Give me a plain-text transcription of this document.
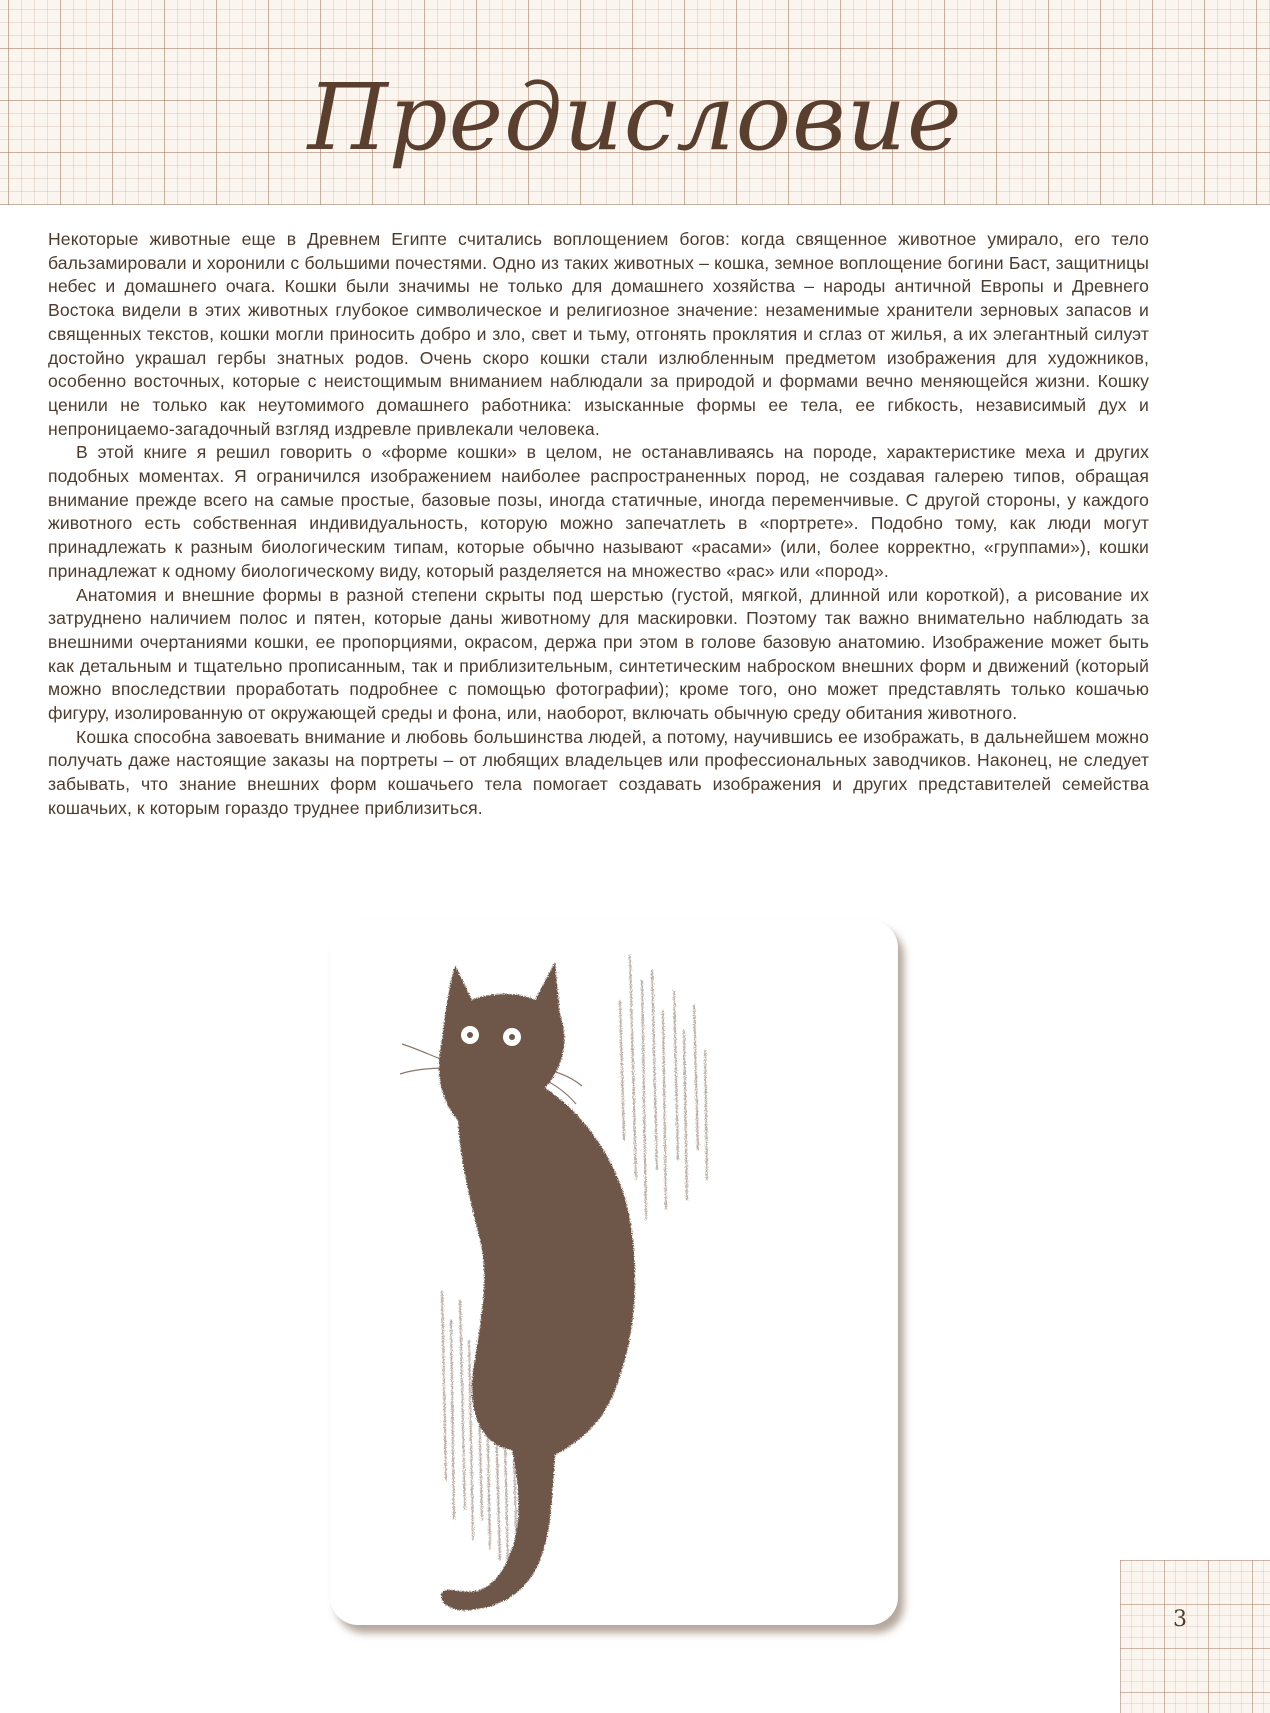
Предисловие

Некоторые животные еще в Древнем Египте считались воплощением богов: когда священное животное умирало, его тело бальзамировали и хоронили с большими почестями. Одно из таких животных – кошка, земное воплощение богини Баст, защитницы небес и домашнего очага. Кошки были значимы не только для домашнего хозяйства – народы античной Европы и Древнего Востока видели в этих животных глубокое символическое и религиозное значение: незаменимые хранители зерновых запасов и священных текстов, кошки могли приносить добро и зло, свет и тьму, отгонять проклятия и сглаз от жилья, а их элегантный силуэт достойно украшал гербы знатных родов. Очень скоро кошки стали излюбленным предметом изображения для художников, особенно восточных, которые с неистощимым вниманием наблюдали за природой и формами вечно меняющейся жизни. Кошку ценили не только как неутомимого домашнего работника: изысканные формы ее тела, ее гибкость, независимый дух и непроницаемо-загадочный взгляд издревле привлекали человека.

В этой книге я решил говорить о «форме кошки» в целом, не останавливаясь на породе, характеристике меха и других подобных моментах. Я ограничился изображением наиболее распространенных пород, не создавая галерею типов, обращая внимание прежде всего на самые простые, базовые позы, иногда статичные, иногда переменчивые. С другой стороны, у каждого животного есть собственная индивидуальность, которую можно запечатлеть в «портрете». Подобно тому, как люди могут принадлежать к разным биологическим типам, которые обычно называют «расами» (или, более корректно, «группами»), кошки принадлежат к одному биологическому виду, который разделяется на множество «рас» или «пород».

Анатомия и внешние формы в разной степени скрыты под шерстью (густой, мягкой, длинной или короткой), а рисование их затруднено наличием полос и пятен, которые даны животному для маскировки. Поэтому так важно внимательно наблюдать за внешними очертаниями кошки, ее пропорциями, окрасом, держа при этом в голове базовую анатомию. Изображение может быть как детальным и тщательно прописанным, так и приблизительным, синтетическим наброском внешних форм и движений (который можно впоследствии проработать подробнее с помощью фотографии); кроме того, оно может представлять только кошачью фигуру, изолированную от окружающей среды и фона, или, наоборот, включать обычную среду обитания животного.

Кошка способна завоевать внимание и любовь большинства людей, а потому, научившись ее изображать, в дальнейшем можно получать даже настоящие заказы на портреты – от любящих владельцев или профессиональных заводчиков. Наконец, не следует забывать, что знание внешних форм кошачьего тела помогает создавать изображения и других представителей семейства кошачьих, к которым гораздо труднее приблизиться.

3
